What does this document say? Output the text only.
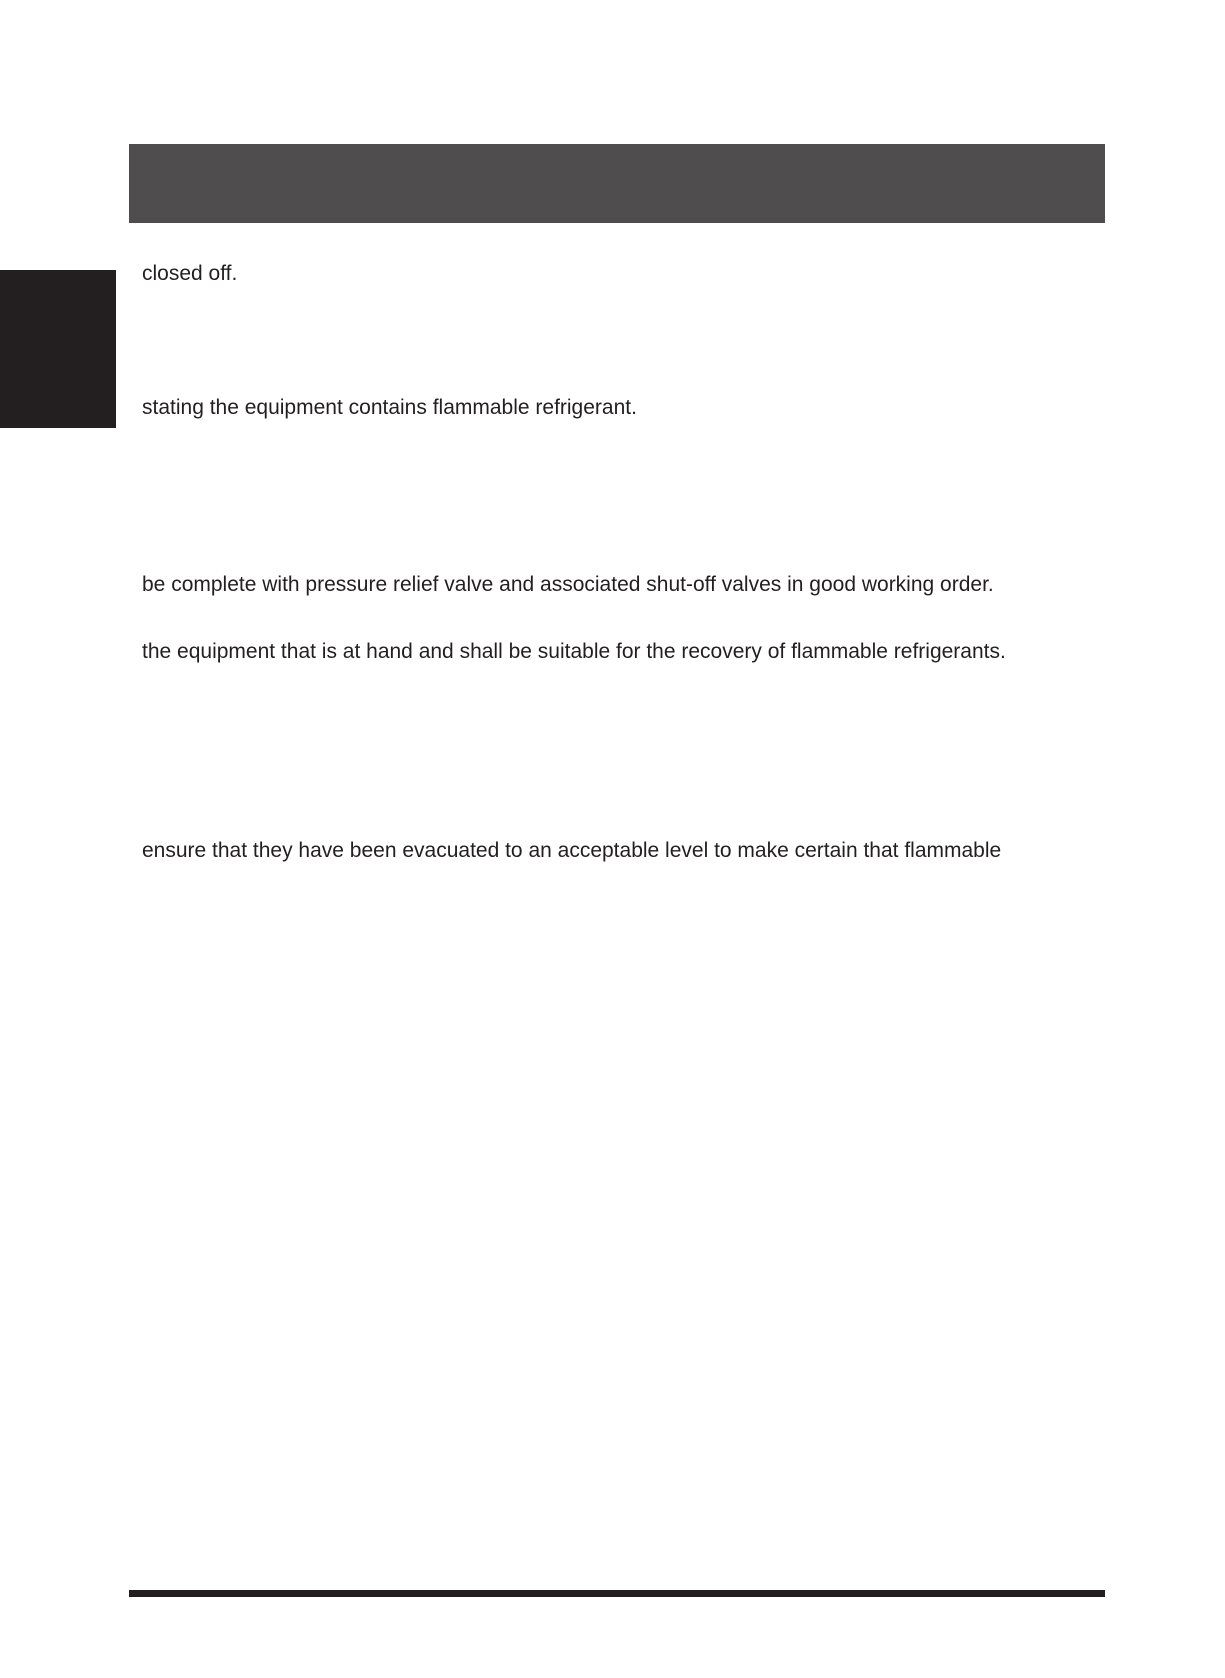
closed off.

stating the equipment contains flammable refrigerant.

be complete with pressure relief valve and associated shut-off valves in good working order.

the equipment that is at hand and shall be suitable for the recovery of flammable refrigerants.

ensure that they have been evacuated to an acceptable level to make certain that flammable
